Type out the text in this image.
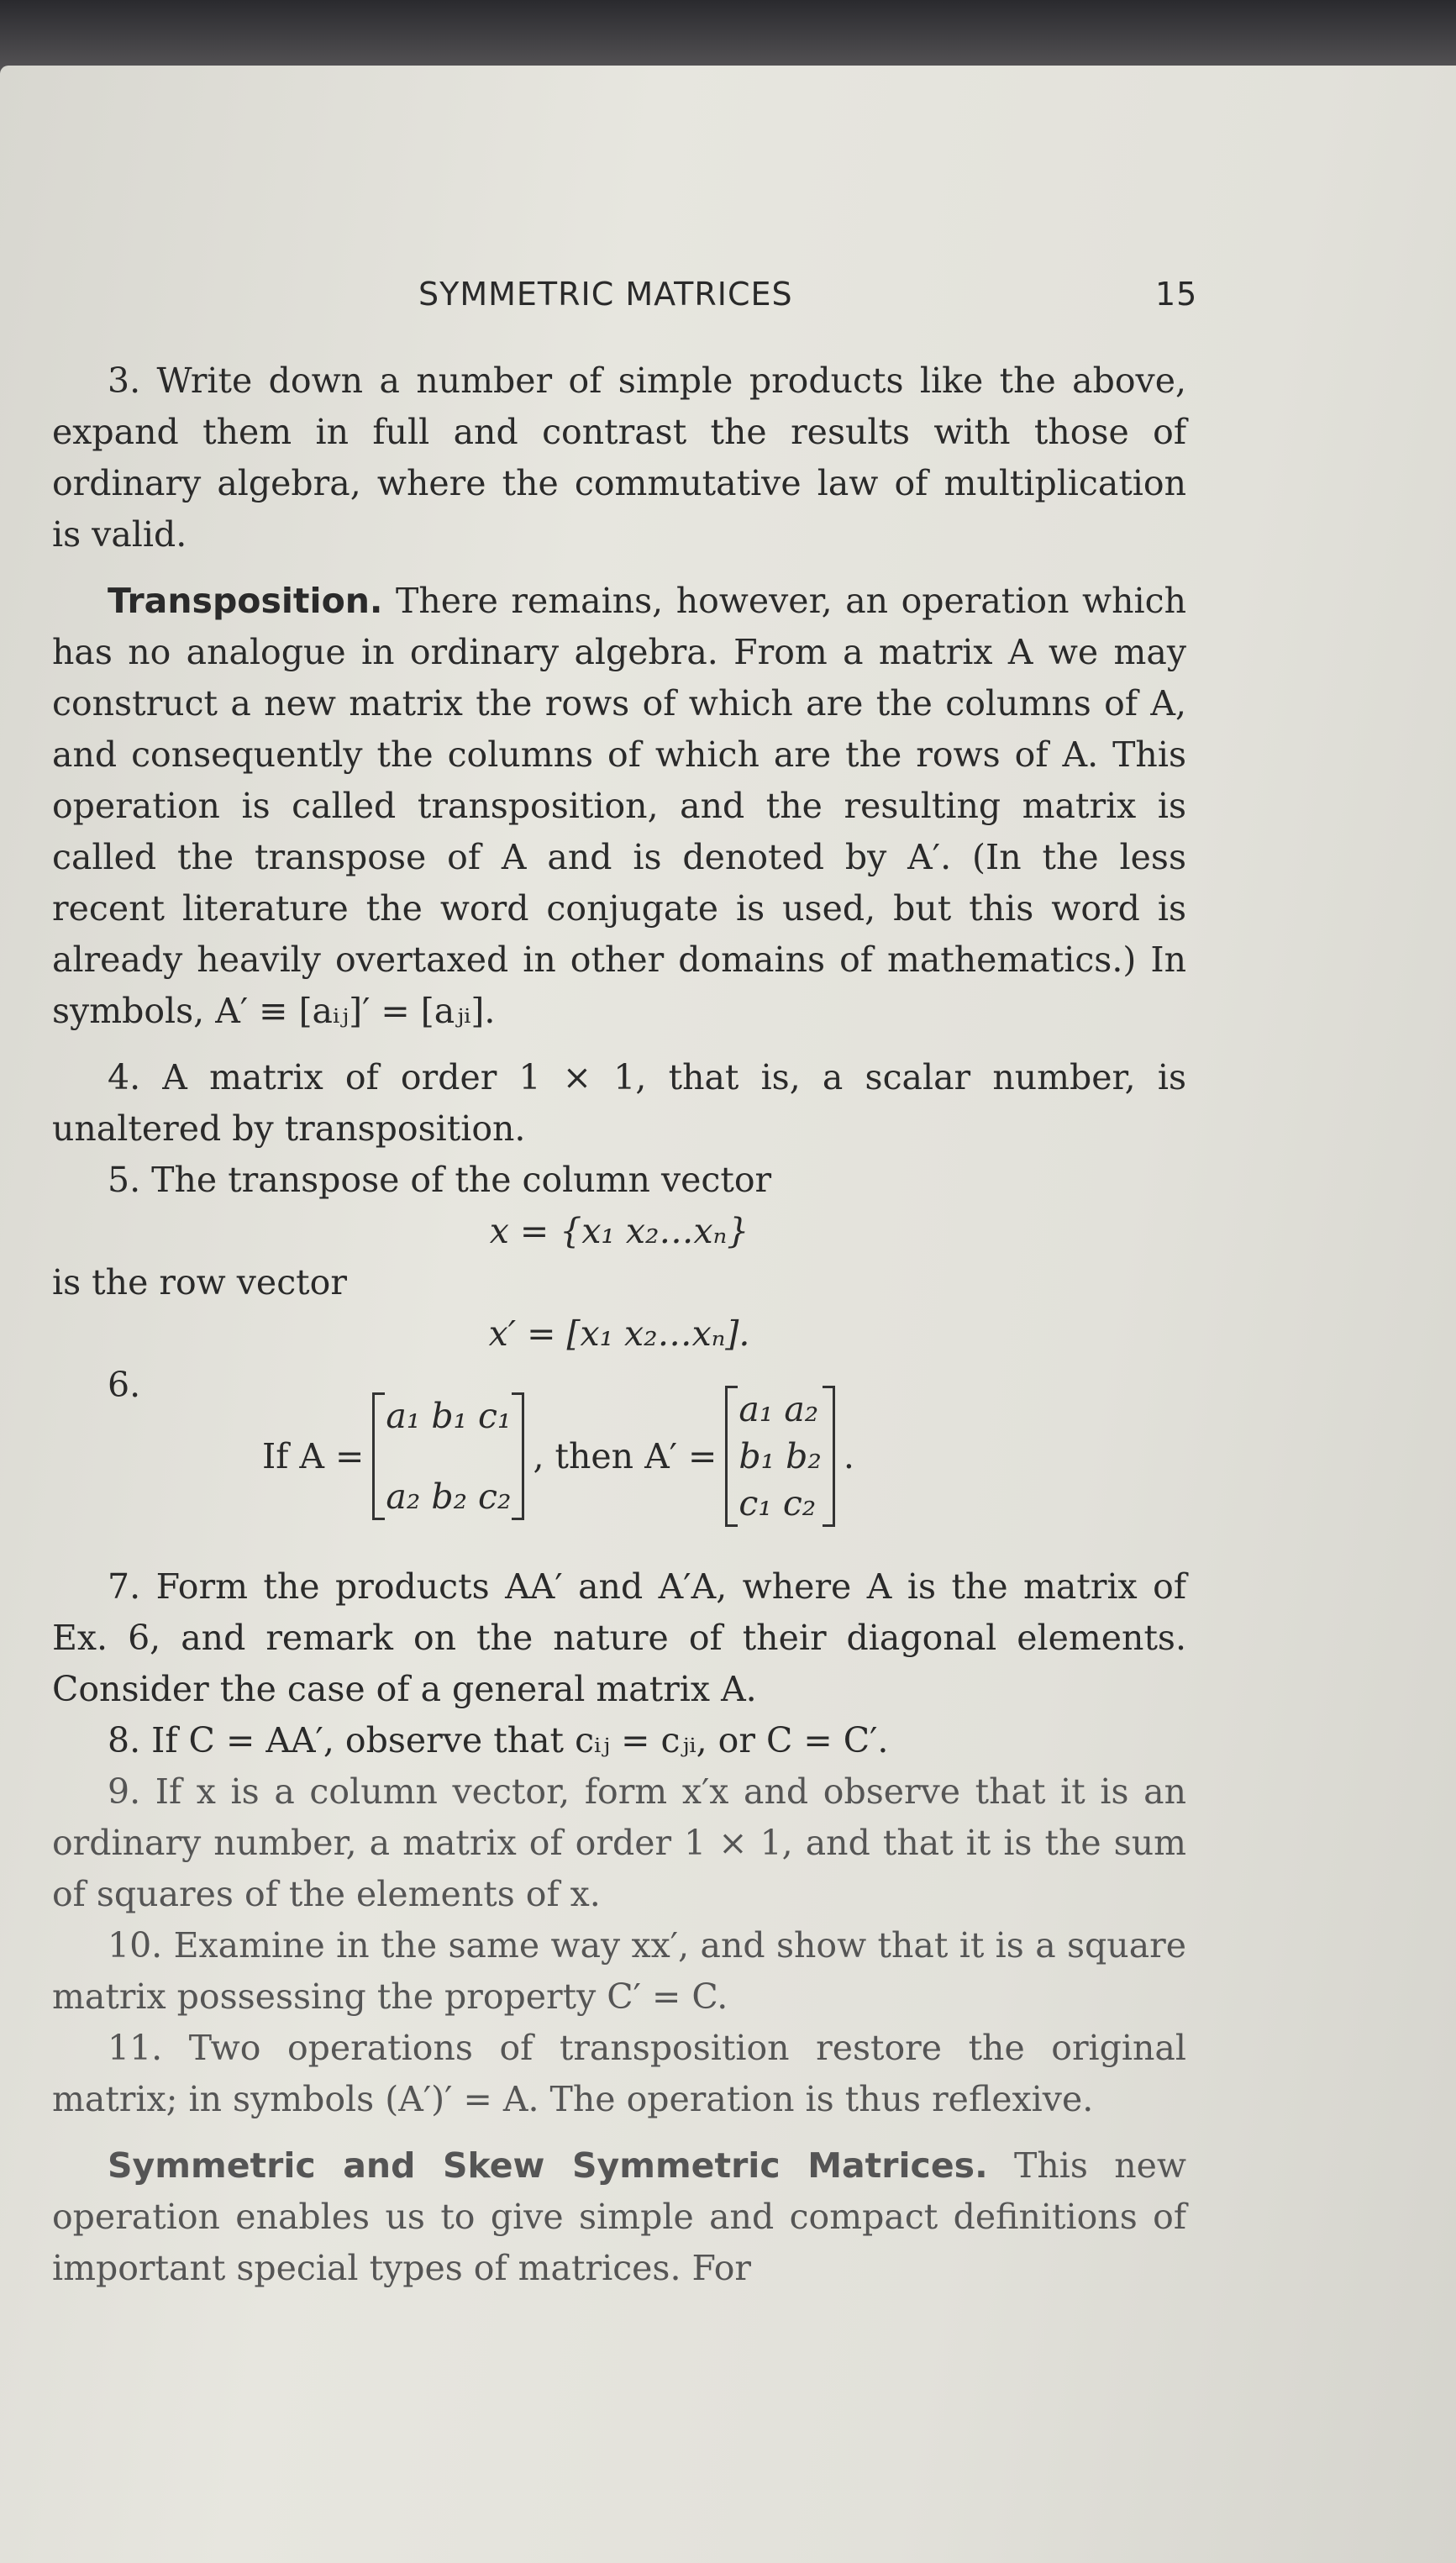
SYMMETRIC MATRICES	15

3. Write down a number of simple products like the above, expand them in full and contrast the results with those of ordinary algebra, where the commutative law of multiplication is valid.

Transposition. There remains, however, an operation which has no analogue in ordinary algebra. From a matrix A we may construct a new matrix the rows of which are the columns of A, and consequently the columns of which are the rows of A. This operation is called transposition, and the resulting matrix is called the transpose of A and is denoted by A′. (In the less recent literature the word conjugate is used, but this word is already heavily overtaxed in other domains of mathematics.) In symbols, A′ ≡ [aᵢⱼ]′ = [aⱼᵢ].

4. A matrix of order 1 × 1, that is, a scalar number, is unaltered by transposition.

5. The transpose of the column vector

x = {x₁ x₂…xₙ}

is the row vector

x′ = [x₁ x₂…xₙ].

6.
If A =
a₁ b₁ c₁
a₂ b₂ c₂
, then A′ =
a₁ a₂
b₁ b₂
c₁ c₂
.

7. Form the products AA′ and A′A, where A is the matrix of Ex. 6, and remark on the nature of their diagonal elements. Consider the case of a general matrix A.

8. If C = AA′, observe that cᵢⱼ = cⱼᵢ, or C = C′.

9. If x is a column vector, form x′x and observe that it is an ordinary number, a matrix of order 1 × 1, and that it is the sum of squares of the elements of x.

10. Examine in the same way xx′, and show that it is a square matrix possessing the property C′ = C.

11. Two operations of transposition restore the original matrix; in symbols (A′)′ = A. The operation is thus reflexive.

Symmetric and Skew Symmetric Matrices. This new operation enables us to give simple and compact definitions of important special types of matrices. For
